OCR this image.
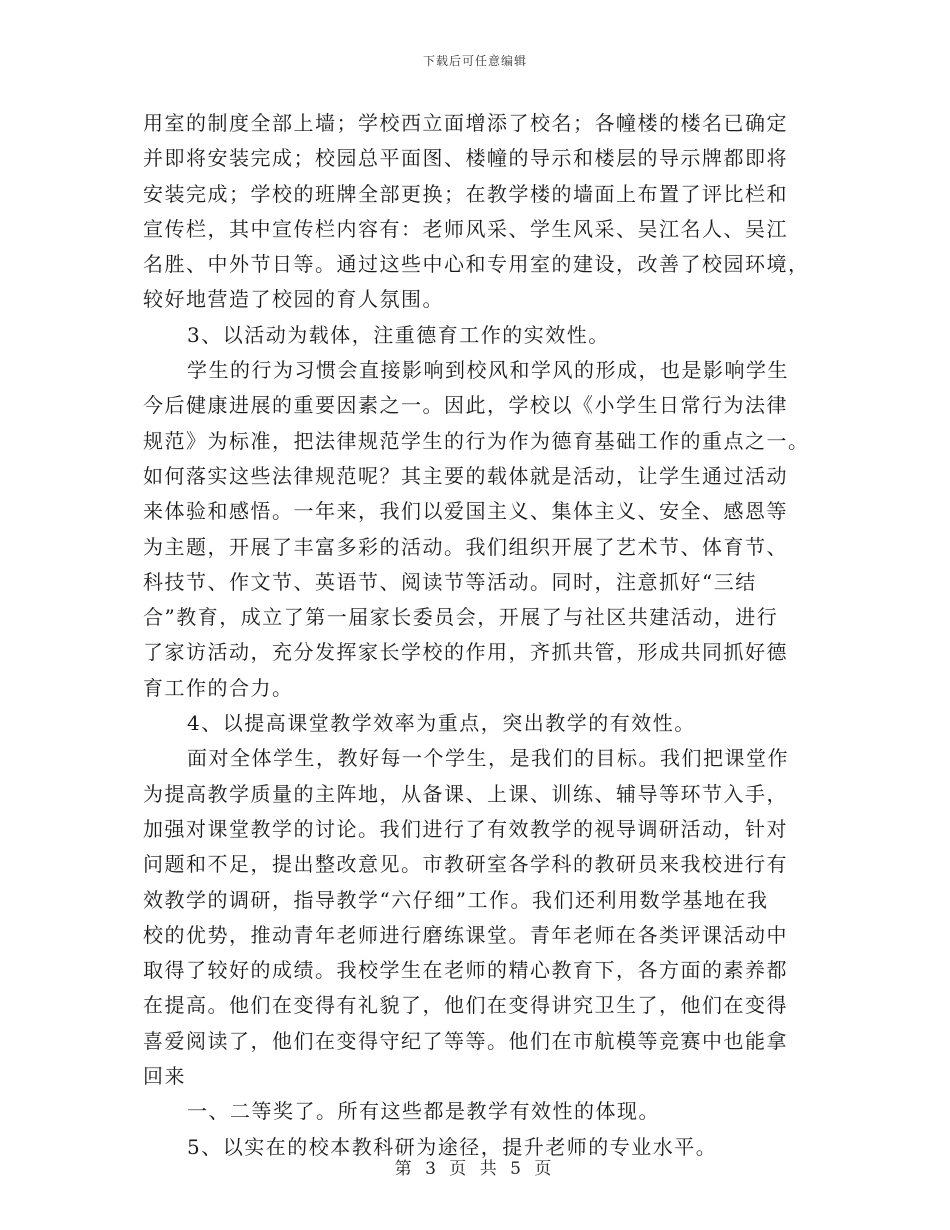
下载后可任意编辑
用室的制度全部上墙；学校西立面增添了校名；各幢楼的楼名已确定
并即将安装完成；校园总平面图、楼幢的导示和楼层的导示牌都即将
安装完成；学校的班牌全部更换；在教学楼的墙面上布置了评比栏和
宣传栏，其中宣传栏内容有：老师风采、学生风采、吴江名人、吴江
名胜、中外节日等。通过这些中心和专用室的建设，改善了校园环境，
较好地营造了校园的育人氛围。
3、以活动为载体，注重德育工作的实效性。
学生的行为习惯会直接影响到校风和学风的形成，也是影响学生
今后健康进展的重要因素之一。因此，学校以《小学生日常行为法律
规范》为标准，把法律规范学生的行为作为德育基础工作的重点之一。
如何落实这些法律规范呢？其主要的载体就是活动，让学生通过活动
来体验和感悟。一年来，我们以爱国主义、集体主义、安全、感恩等
为主题，开展了丰富多彩的活动。我们组织开展了艺术节、体育节、
科技节、作文节、英语节、阅读节等活动。同时，注意抓好“三结
合”教育，成立了第一届家长委员会，开展了与社区共建活动，进行
了家访活动，充分发挥家长学校的作用，齐抓共管，形成共同抓好德
育工作的合力。
4、以提高课堂教学效率为重点，突出教学的有效性。
面对全体学生，教好每一个学生，是我们的目标。我们把课堂作
为提高教学质量的主阵地，从备课、上课、训练、辅导等环节入手，
加强对课堂教学的讨论。我们进行了有效教学的视导调研活动，针对
问题和不足，提出整改意见。市教研室各学科的教研员来我校进行有
效教学的调研，指导教学“六仔细”工作。我们还利用数学基地在我
校的优势，推动青年老师进行磨练课堂。青年老师在各类评课活动中
取得了较好的成绩。我校学生在老师的精心教育下，各方面的素养都
在提高。他们在变得有礼貌了，他们在变得讲究卫生了，他们在变得
喜爱阅读了，他们在变得守纪了等等。他们在市航模等竞赛中也能拿
回来
一、二等奖了。所有这些都是教学有效性的体现。
5、以实在的校本教科研为途径，提升老师的专业水平。
第 3 页 共 5 页
